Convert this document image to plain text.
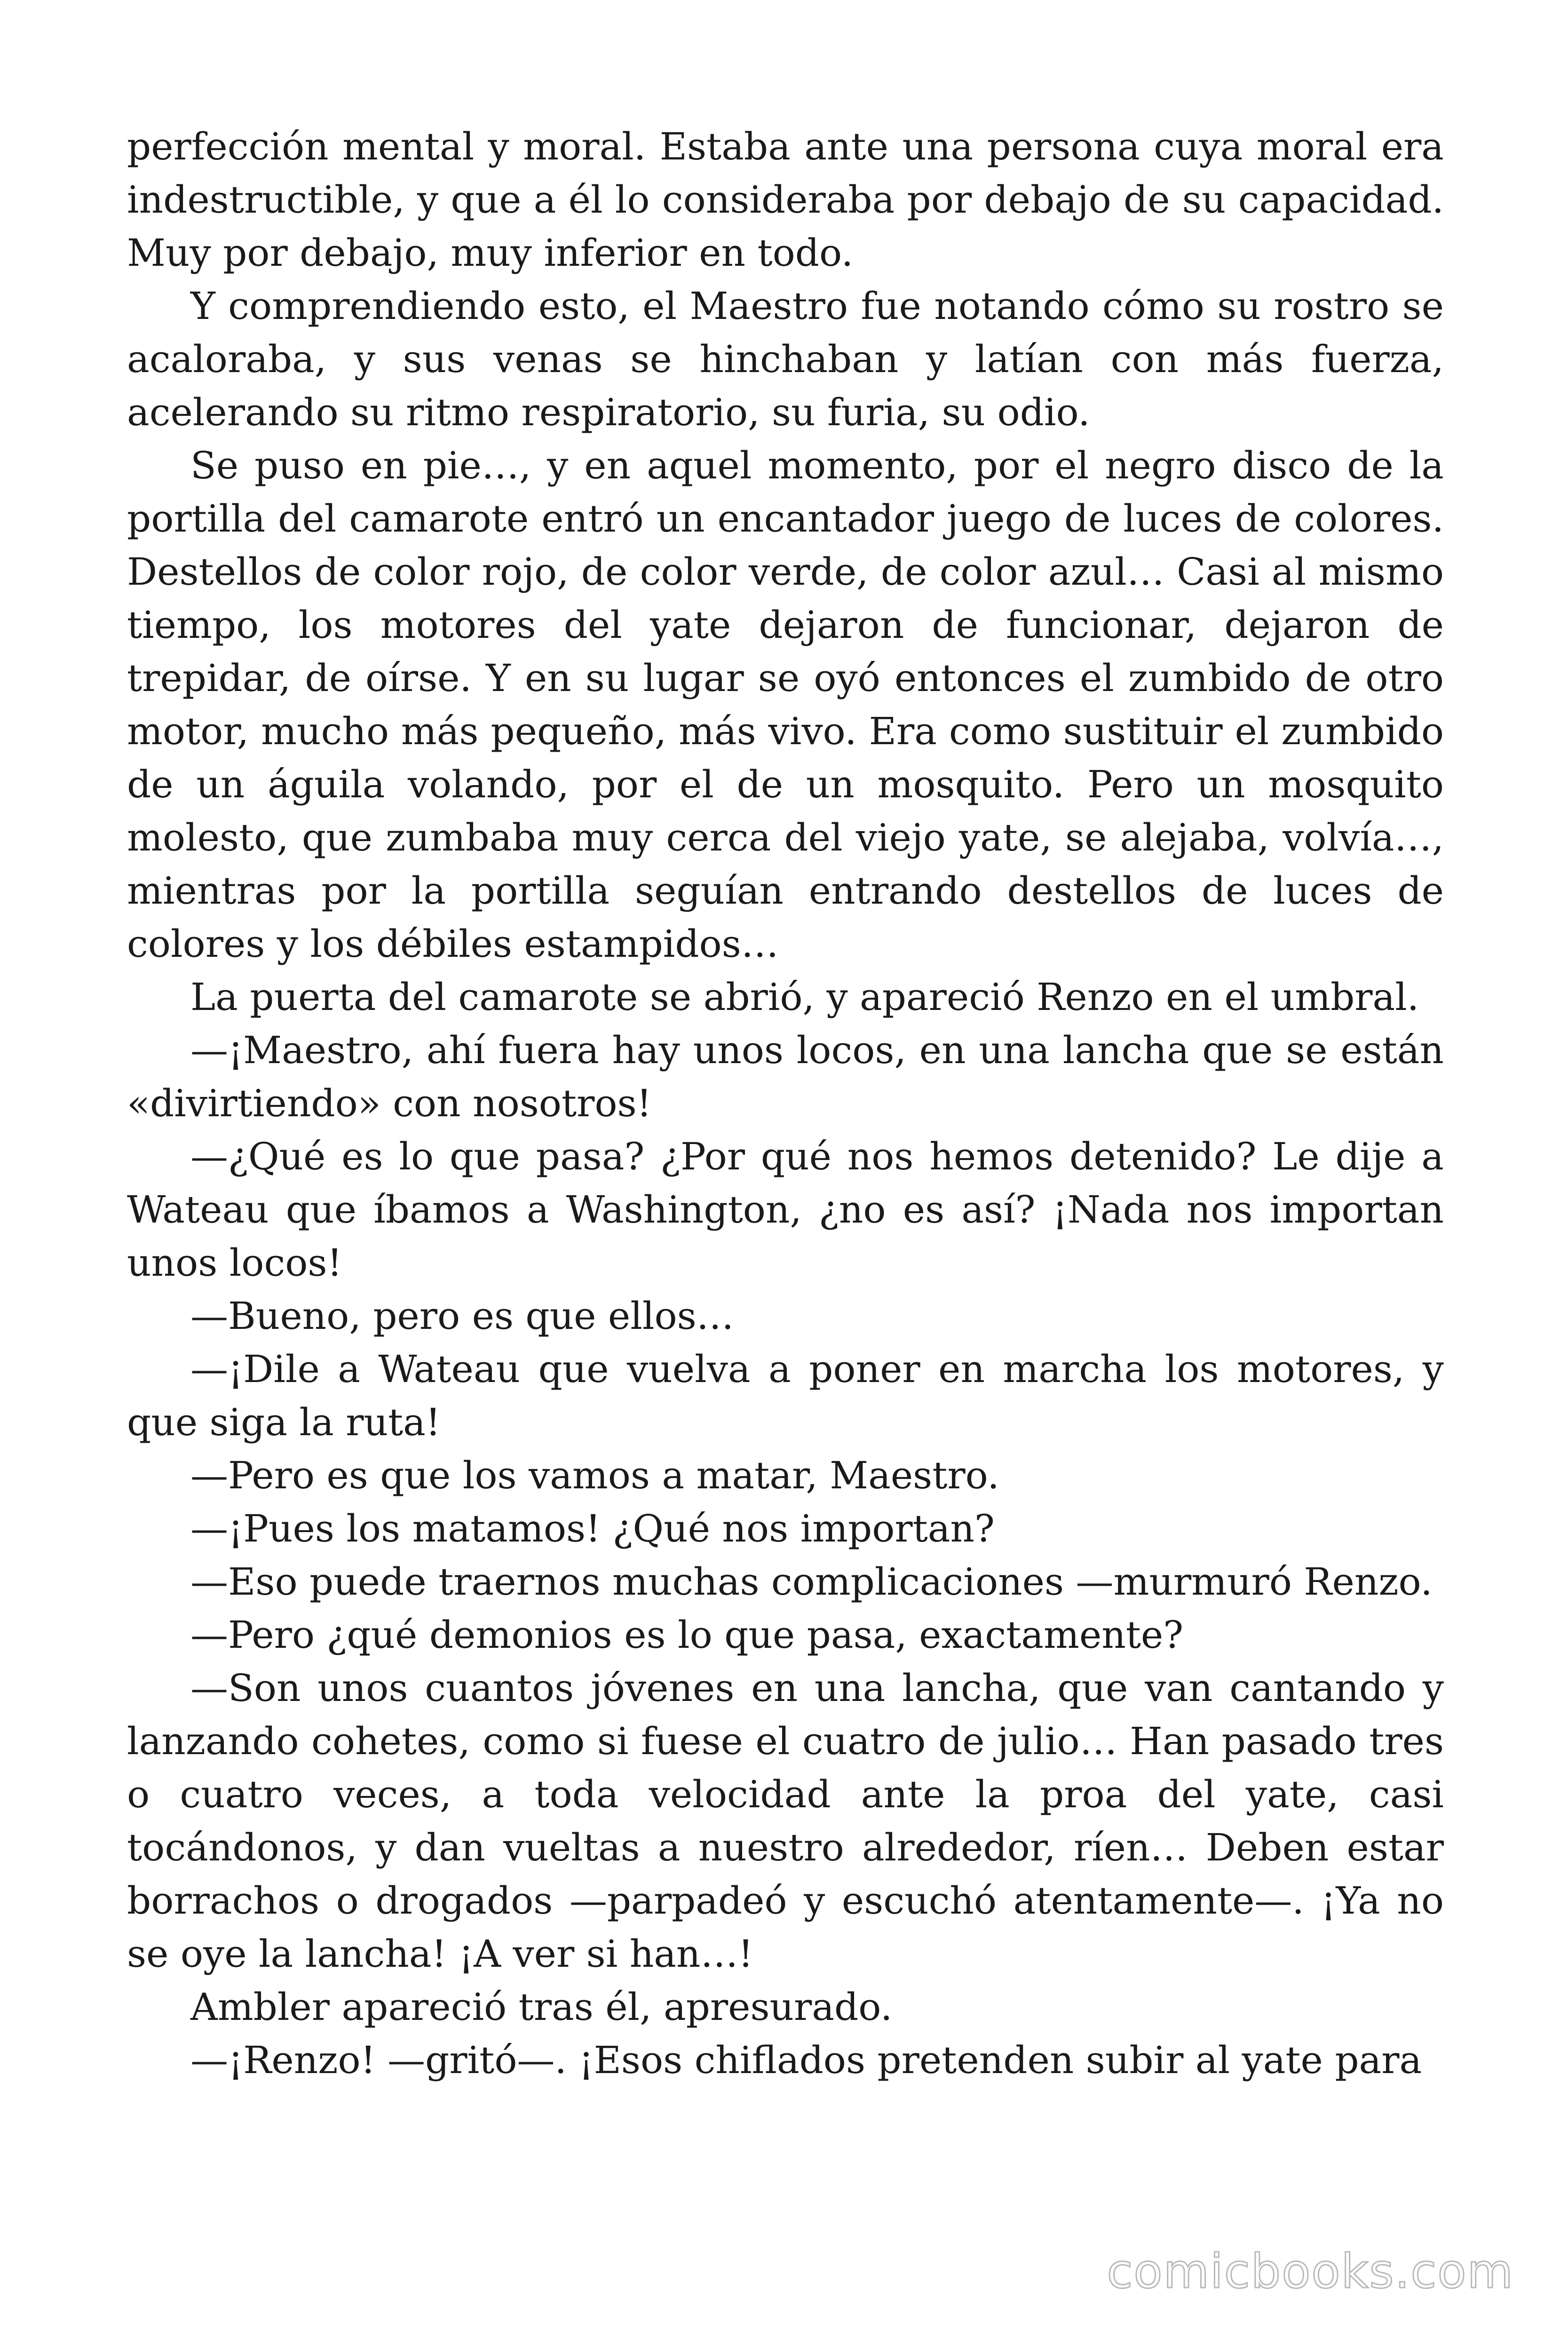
perfección mental y moral. Estaba ante una persona cuya moral era indestructible, y que a él lo consideraba por debajo de su capacidad. Muy por debajo, muy inferior en todo.

Y comprendiendo esto, el Maestro fue notando cómo su rostro se acaloraba, y sus venas se hinchaban y latían con más fuerza, acelerando su ritmo respiratorio, su furia, su odio.

Se puso en pie…, y en aquel momento, por el negro disco de la portilla del camarote entró un encantador juego de luces de colores. Destellos de color rojo, de color verde, de color azul… Casi al mismo tiempo, los motores del yate dejaron de funcionar, dejaron de trepidar, de oírse. Y en su lugar se oyó entonces el zumbido de otro motor, mucho más pequeño, más vivo. Era como sustituir el zumbido de un águila volando, por el de un mosquito. Pero un mosquito molesto, que zumbaba muy cerca del viejo yate, se alejaba, volvía…, mientras por la portilla seguían entrando destellos de luces de colores y los débiles estampidos…

La puerta del camarote se abrió, y apareció Renzo en el umbral.

—¡Maestro, ahí fuera hay unos locos, en una lancha que se están «divirtiendo» con nosotros!

—¿Qué es lo que pasa? ¿Por qué nos hemos detenido? Le dije a Wateau que íbamos a Washington, ¿no es así? ¡Nada nos importan unos locos!

—Bueno, pero es que ellos…

—¡Dile a Wateau que vuelva a poner en marcha los motores, y que siga la ruta!

—Pero es que los vamos a matar, Maestro.

—¡Pues los matamos! ¿Qué nos importan?

—Eso puede traernos muchas complicaciones —murmuró Renzo.

—Pero ¿qué demonios es lo que pasa, exactamente?

—Son unos cuantos jóvenes en una lancha, que van cantando y lanzando cohetes, como si fuese el cuatro de julio… Han pasado tres o cuatro veces, a toda velocidad ante la proa del yate, casi tocándonos, y dan vueltas a nuestro alrededor, ríen… Deben estar borrachos o drogados —parpadeó y escuchó atentamente—. ¡Ya no se oye la lancha! ¡A ver si han…!

Ambler apareció tras él, apresurado.

—¡Renzo! —gritó—. ¡Esos chiflados pretenden subir al yate para

comicbooks.com
